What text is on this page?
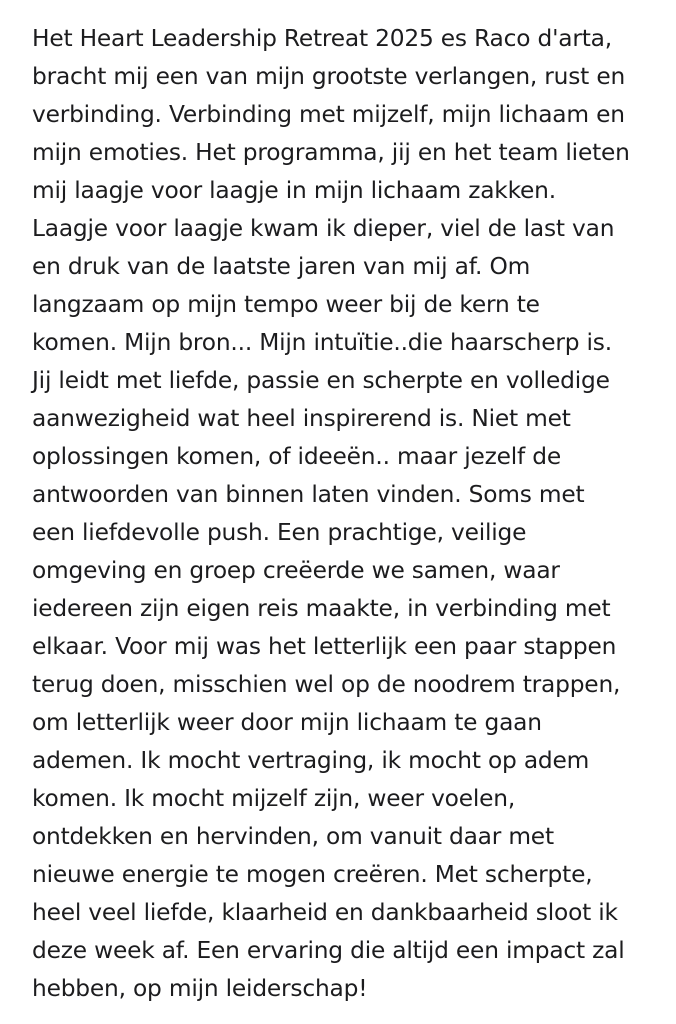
Het Heart Leadership Retreat 2025 es Raco d'arta,
bracht mij een van mijn grootste verlangen, rust en
verbinding. Verbinding met mijzelf, mijn lichaam en
mijn emoties. Het programma, jij en het team lieten
mij laagje voor laagje in mijn lichaam zakken.
Laagje voor laagje kwam ik dieper, viel de last van
en druk van de laatste jaren van mij af. Om
langzaam op mijn tempo weer bij de kern te
komen. Mijn bron... Mijn intuïtie..die haarscherp is.
Jij leidt met liefde, passie en scherpte en volledige
aanwezigheid wat heel inspirerend is. Niet met
oplossingen komen, of ideeën.. maar jezelf de
antwoorden van binnen laten vinden. Soms met
een liefdevolle push. Een prachtige, veilige
omgeving en groep creëerde we samen, waar
iedereen zijn eigen reis maakte, in verbinding met
elkaar. Voor mij was het letterlijk een paar stappen
terug doen, misschien wel op de noodrem trappen,
om letterlijk weer door mijn lichaam te gaan
ademen. Ik mocht vertraging, ik mocht op adem
komen. Ik mocht mijzelf zijn, weer voelen,
ontdekken en hervinden, om vanuit daar met
nieuwe energie te mogen creëren. Met scherpte,
heel veel liefde, klaarheid en dankbaarheid sloot ik
deze week af. Een ervaring die altijd een impact zal
hebben, op mijn leiderschap!
